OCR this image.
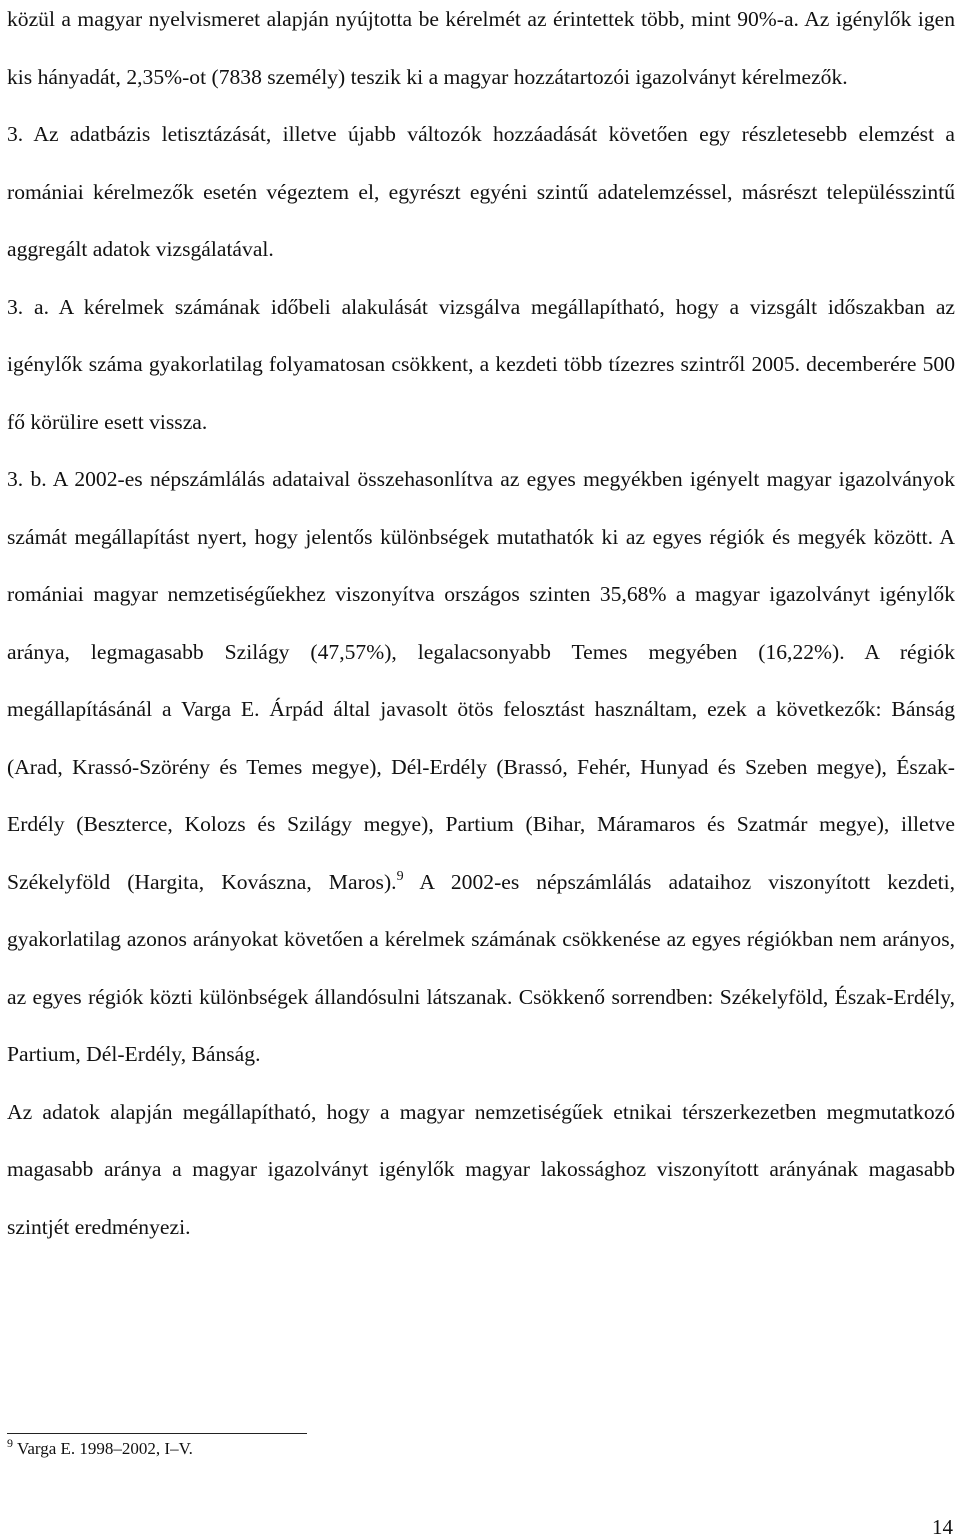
közül a magyar nyelvismeret alapján nyújtotta be kérelmét az érintettek több, mint 90%-a. Az igénylők igen kis hányadát, 2,35%-ot (7838 személy) teszik ki a magyar hozzátartozói igazolványt kérelmezők.

3. Az adatbázis letisztázását, illetve újabb változók hozzáadását követően egy részletesebb elemzést a romániai kérelmezők esetén végeztem el, egyrészt egyéni szintű adatelemzéssel, másrészt településszintű aggregált adatok vizsgálatával.

3. a. A kérelmek számának időbeli alakulását vizsgálva megállapítható, hogy a vizsgált időszakban az igénylők száma gyakorlatilag folyamatosan csökkent, a kezdeti több tízezres szintről 2005. decemberére 500 fő körülire esett vissza.

3. b. A 2002-es népszámlálás adataival összehasonlítva az egyes megyékben igényelt magyar igazolványok számát megállapítást nyert, hogy jelentős különbségek mutathatók ki az egyes régiók és megyék között. A romániai magyar nemzetiségűekhez viszonyítva országos szinten 35,68% a magyar igazolványt igénylők aránya, legmagasabb Szilágy (47,57%), legalacsonyabb Temes megyében (16,22%). A régiók megállapításánál a Varga E. Árpád által javasolt ötös felosztást használtam, ezek a következők: Bánság (Arad, Krassó-Szörény és Temes megye), Dél-Erdély (Brassó, Fehér, Hunyad és Szeben megye), Észak-Erdély (Beszterce, Kolozs és Szilágy megye), Partium (Bihar, Máramaros és Szatmár megye), illetve Székelyföld (Hargita, Kovászna, Maros).$^9$ A 2002-es népszámlálás adataihoz viszonyított kezdeti, gyakorlatilag azonos arányokat követően a kérelmek számának csökkenése az egyes régiókban nem arányos, az egyes régiók közti különbségek állandósulni látszanak. Csökkenő sorrendben: Székelyföld, Észak-Erdély, Partium, Dél-Erdély, Bánság.

Az adatok alapján megállapítható, hogy a magyar nemzetiségűek etnikai térszerkezetben megmutatkozó magasabb aránya a magyar igazolványt igénylők magyar lakossághoz viszonyított arányának magasabb szintjét eredményezi.

$^9$ Varga E. 1998–2002, I–V.
14
